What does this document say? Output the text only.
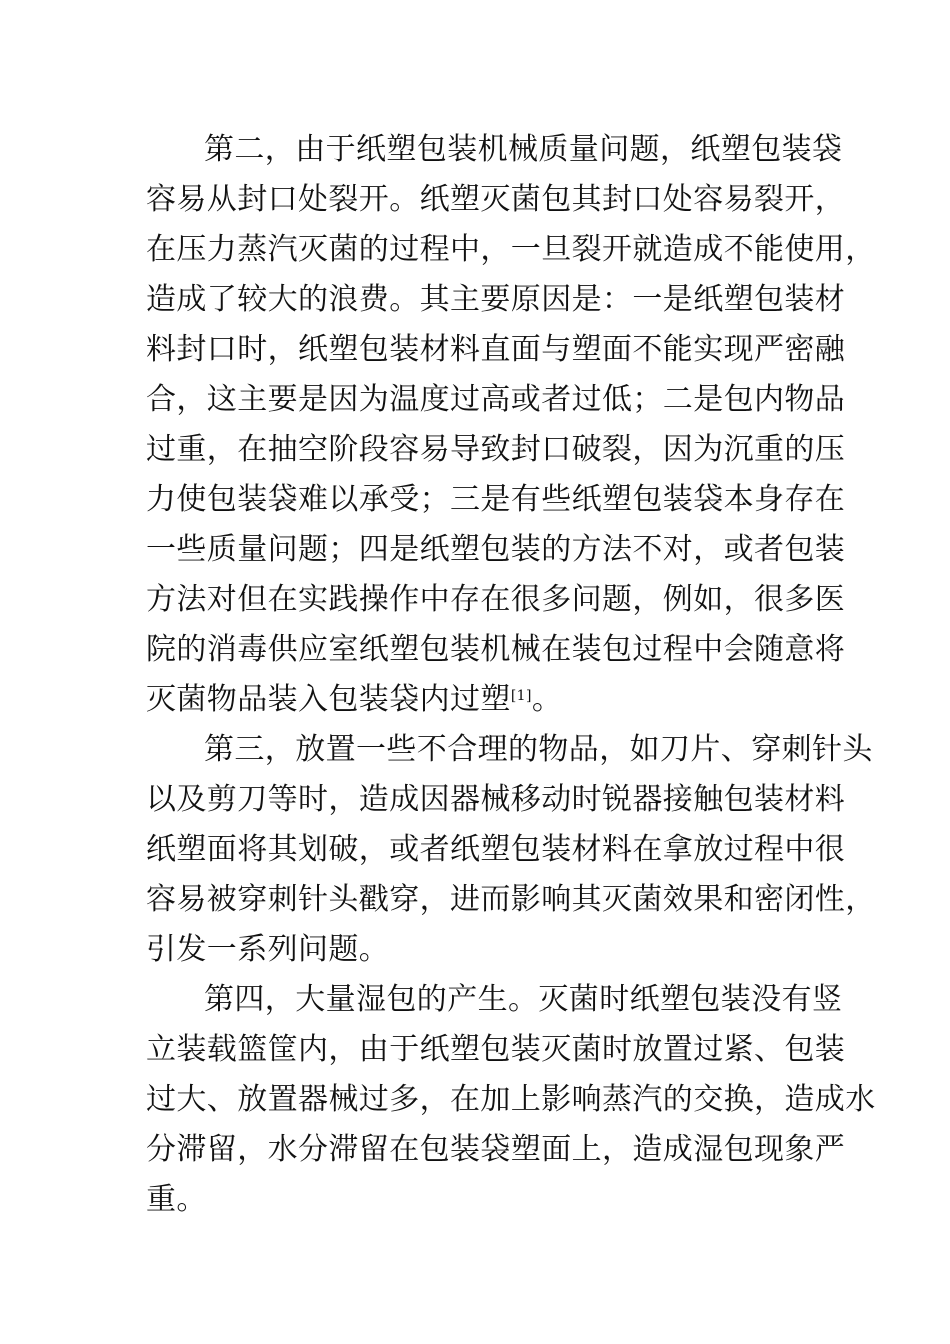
第二，由于纸塑包装机械质量问题，纸塑包装袋
容易从封口处裂开。纸塑灭菌包其封口处容易裂开，
在压力蒸汽灭菌的过程中，一旦裂开就造成不能使用，
造成了较大的浪费。其主要原因是：一是纸塑包装材
料封口时，纸塑包装材料直面与塑面不能实现严密融
合，这主要是因为温度过高或者过低；二是包内物品
过重，在抽空阶段容易导致封口破裂，因为沉重的压
力使包装袋难以承受；三是有些纸塑包装袋本身存在
一些质量问题；四是纸塑包装的方法不对，或者包装
方法对但在实践操作中存在很多问题，例如，很多医
院的消毒供应室纸塑包装机械在装包过程中会随意将
灭菌物品装入包装袋内过塑[1]。
第三，放置一些不合理的物品，如刀片、穿刺针头
以及剪刀等时，造成因器械移动时锐器接触包装材料
纸塑面将其划破，或者纸塑包装材料在拿放过程中很
容易被穿刺针头戳穿，进而影响其灭菌效果和密闭性，
引发一系列问题。
第四，大量湿包的产生。灭菌时纸塑包装没有竖
立装载篮筐内，由于纸塑包装灭菌时放置过紧、包装
过大、放置器械过多，在加上影响蒸汽的交换，造成水
分滞留，水分滞留在包装袋塑面上，造成湿包现象严
重。
